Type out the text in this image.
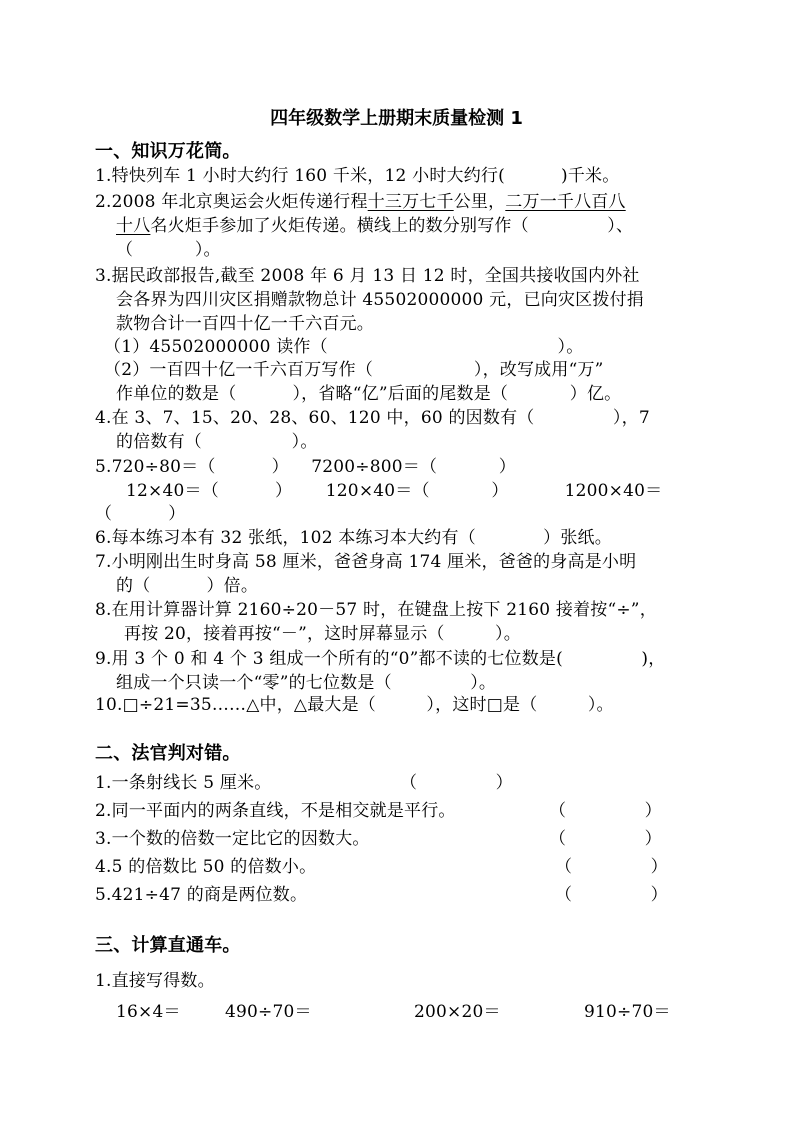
四年级数学上册期末质量检测 1
一、知识万花筒。
1.特快列车 1 小时大约行 160 千米，12 小时大约行(          )千米。
2.2008 年北京奥运会火炬传递行程十三万七千公里，二万一千八百八
十八名火炬手参加了火炬传递。横线上的数分别写作（              ）、
（           ）。
3.据民政部报告,截至 2008 年 6 月 13 日 12 时，全国共接收国内外社
会各界为四川灾区捐赠款物总计 45502000000 元，已向灾区拨付捐
款物合计一百四十亿一千六百元。
（1）45502000000 读作（                                         ）。
（2）一百四十亿一千六百万写作（                  ），改写成用“万”
作单位的数是（          ），省略“亿”后面的尾数是（           ）亿。
4.在 3、7、15、20、28、60、120 中，60 的因数有（              ），7
的倍数有（                ）。
5.720÷80＝（          ）    7200÷800＝（           ）
12×40＝（          ）      120×40＝（           ）          1200×40＝
（          ）
6.每本练习本有 32 张纸，102 本练习本大约有（            ）张纸。
7.小明刚出生时身高 58 厘米，爸爸身高 174 厘米，爸爸的身高是小明
的（          ）倍。
8.在用计算器计算 2160÷20－57 时，在键盘上按下 2160 接着按“÷”，
再按 20，接着再按“－”，这时屏幕显示（         ）。
9.用 3 个 0 和 4 个 3 组成一个所有的“0”都不读的七位数是(              )，
组成一个只读一个“零”的七位数是（              ）。
10.□÷21=35……△中，△最大是（         ），这时□是（         ）。
二、法官判对错。
1.一条射线长 5 厘米。	（              ）
2.同一平面内的两条直线，不是相交就是平行。	（              ）
3.一个数的倍数一定比它的因数大。	（              ）
4.5 的倍数比 50 的倍数小。	（              ）
5.421÷47 的商是两位数。	（              ）
三、计算直通车。
1.直接写得数。
16×4＝	490÷70＝	200×20＝	910÷70＝
